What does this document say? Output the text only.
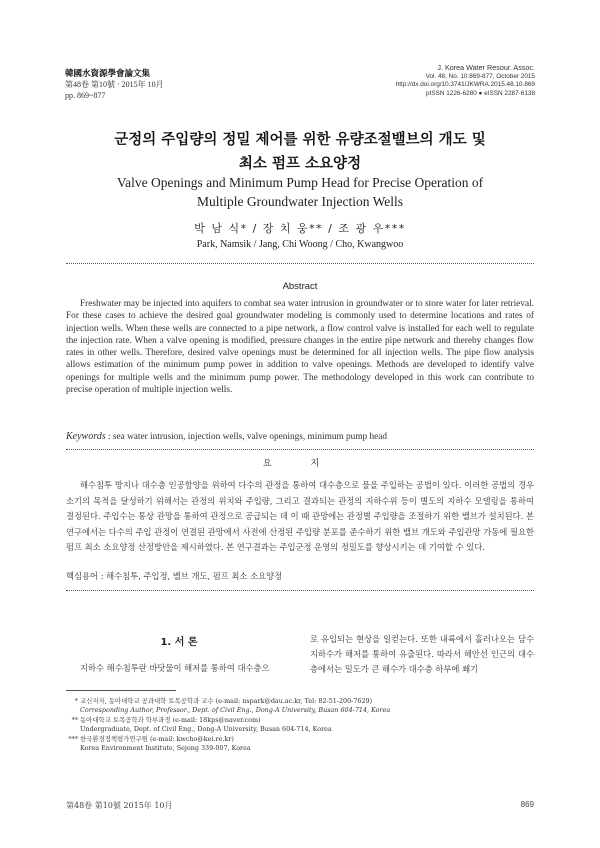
韓國水資源學會論文集
第48卷 第10號 · 2015年 10月
pp. 869~877
J. Korea Water Resour. Assoc.
Vol. 48, No. 10:869-877, October 2015
http://dx.doi.org/10.3741/JKWRA.2015.48.10.869
pISSN 1226-6280 ● eISSN 2287-6138
군정의 주입량의 정밀 제어를 위한 유량조절밸브의 개도 및
최소 펌프 소요양정
Valve Openings and Minimum Pump Head for Precise Operation of
Multiple Groundwater Injection Wells
박 남 식* / 장 치 웅** / 조 광 우***
Park, Namsik / Jang, Chi Woong / Cho, Kwangwoo
Abstract
Freshwater may be injected into aquifers to combat sea water intrusion in groundwater or to store water for later retrieval. For these cases to achieve the desired goal groundwater modeling is commonly used to determine locations and rates of injection wells. When these wells are connected to a pipe network, a flow control valve is installed for each well to regulate the injection rate. When a valve opening is modified, pressure changes in the entire pipe network and thereby changes flow rates in other wells. Therefore, desired valve openings must be determined for all injection wells. The pipe flow analysis allows estimation of the minimum pump power in addition to valve openings. Methods are developed to identify valve openings for multiple wells and the minimum pump power. The methodology developed in this work can contribute to precise operation of multiple injection wells.
Keywords : sea water intrusion, injection wells, valve openings, minimum pump head
요 지
해수침투 방지나 대수층 인공함양을 위하여 다수의 관정을 통하여 대수층으로 물을 주입하는 공법이 있다. 이러한 공법의 경우 소기의 목적을 달성하기 위해서는 관정의 위치와 주입량, 그리고 결과되는 관정의 지하수위 등이 별도의 지하수 모델링을 통하여 결정된다. 주입수는 통상 관망을 통하여 관정으로 공급되는 데 이 때 관망에는 관정별 주입량을 조절하기 위한 밸브가 설치된다. 본 연구에서는 다수의 주입 관정이 연결된 관망에서 사전에 산정된 주입량 분포를 준수하기 위한 밸브 개도와 주입관망 가동에 필요한 펌프 최소 소요양정 산정방안을 제시하였다. 본 연구결과는 주입군정 운영의 정밀도를 향상시키는 데 기여할 수 있다.
핵심용어 : 해수침투, 주입정, 밸브 개도, 펌프 최소 소요양정
1. 서 론
지하수 해수침투란 바닷물이 해저를 통하여 대수층으
로 유입되는 현상을 일컫는다. 또한 내륙에서 흘러나오는 담수 지하수가 해저를 통하여 유출된다. 따라서 해안선 인근의 대수층에서는 밀도가 큰 해수가 대수층 하부에 쐐기
* 교신저자, 동아대학교 공과대학 토목공학과 교수 (e-mail: nspark@dau.ac.kr, Tel: 82-51-200-7629)
Corresponding Author, Professor., Dept. of Civil Eng., Dong-A University, Busan 604-714, Korea
** 동아대학교 토목공학과 학부과정 (e-mail: 18kps@naver.com)
Undergraduate, Dept. of Civil Eng., Dong-A University, Busan 604-714, Korea
*** 한국환경정책평가연구원 (e-mail: kwcho@kei.re.kr)
Korea Environment Institute, Sejong 339-007, Korea
第48卷 第10號 2015年 10月	869
